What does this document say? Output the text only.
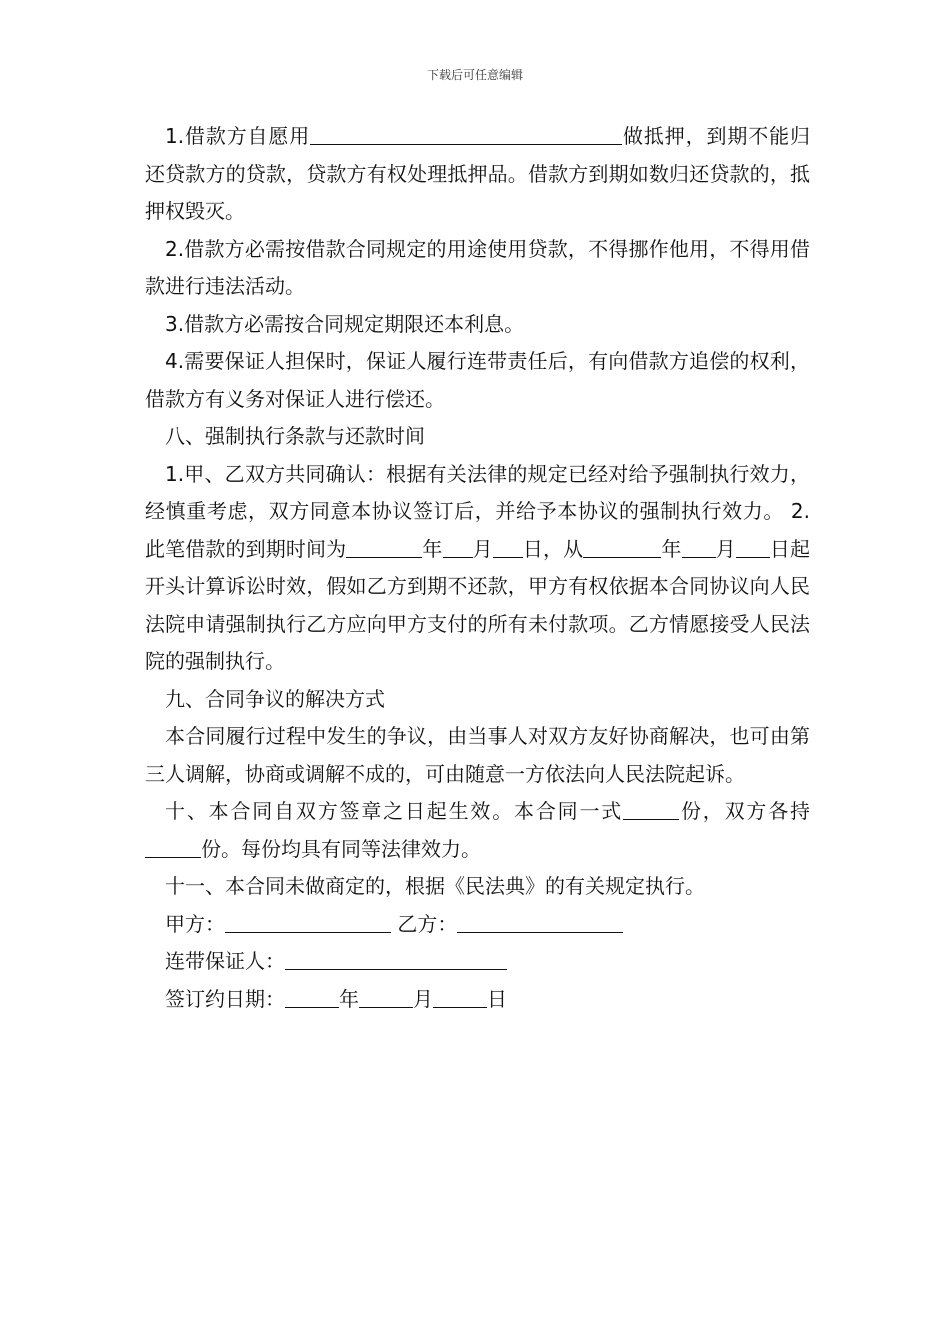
下载后可任意编辑

1.借款方自愿用	做抵押，到期不能归还贷款方的贷款，贷款方有权处理抵押品。借款方到期如数归还贷款的，抵押权毁灭。

2.借款方必需按借款合同规定的用途使用贷款，不得挪作他用，不得用借款进行违法活动。

3.借款方必需按合同规定期限还本利息。

4.需要保证人担保时，保证人履行连带责任后，有向借款方追偿的权利，借款方有义务对保证人进行偿还。

八、强制执行条款与还款时间

1.甲、乙双方共同确认：根据有关法律的规定已经对给予强制执行效力，经慎重考虑，双方同意本协议签订后，并给予本协议的强制执行效力。 2.此笔借款的到期时间为	年 月 日，从	年 月 日起开头计算诉讼时效，假如乙方到期不还款，甲方有权依据本合同协议向人民法院申请强制执行乙方应向甲方支付的所有未付款项。乙方情愿接受人民法院的强制执行。

九、合同争议的解决方式

本合同履行过程中发生的争议，由当事人对双方友好协商解决，也可由第三人调解，协商或调解不成的，可由随意一方依法向人民法院起诉。

十、本合同自双方签章之日起生效。本合同一式	份，双方各持份。每份均具有同等法律效力。

十一、本合同未做商定的，根据《民法典》的有关规定执行。

甲方：	乙方：

连带保证人：

签订约日期：	年	月	日
